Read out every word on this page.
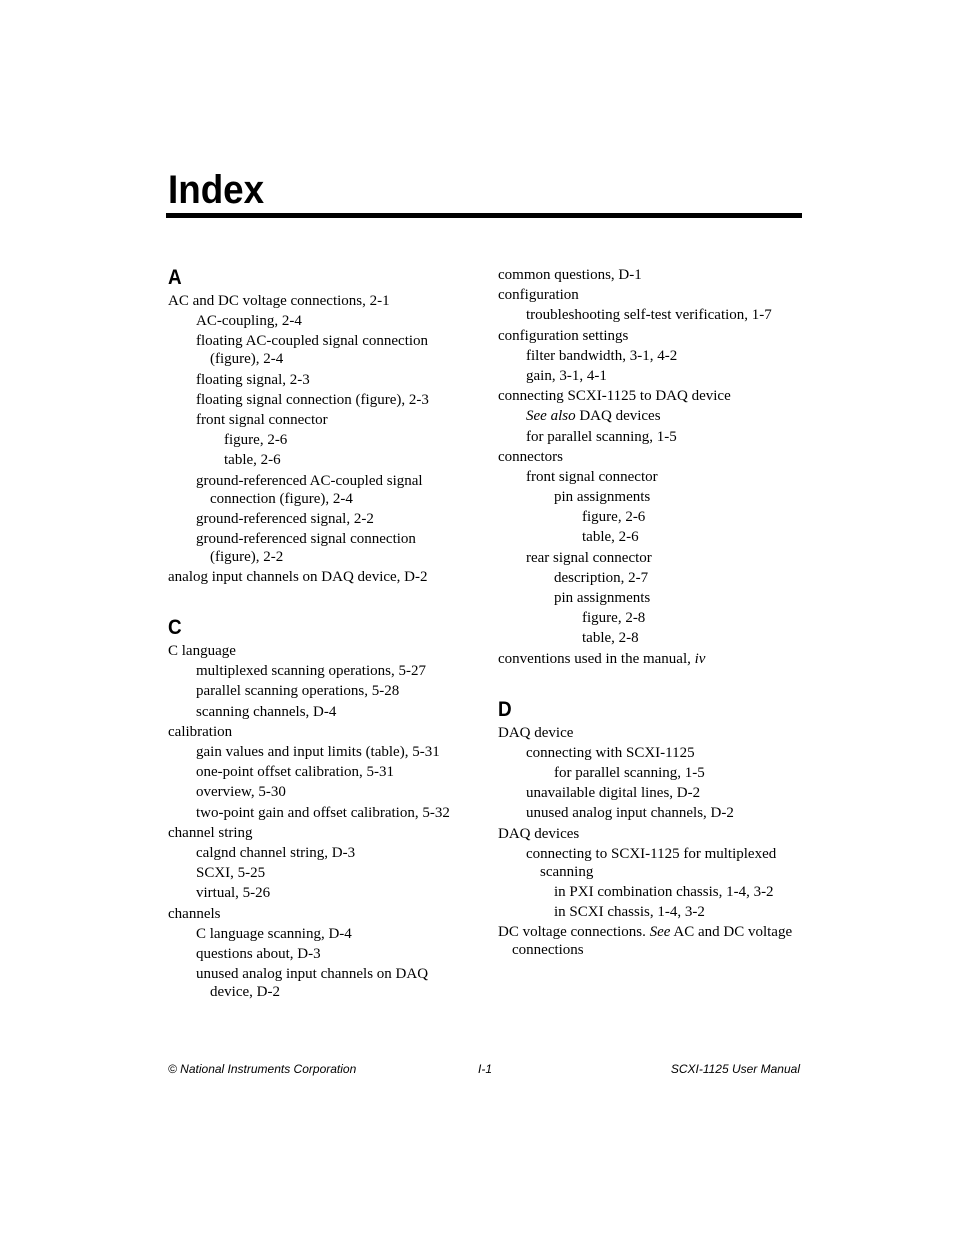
Index
A
AC and DC voltage connections, 2-1
AC-coupling, 2-4
floating AC-coupled signal connection (figure), 2-4
floating signal, 2-3
floating signal connection (figure), 2-3
front signal connector
figure, 2-6
table, 2-6
ground-referenced AC-coupled signal connection (figure), 2-4
ground-referenced signal, 2-2
ground-referenced signal connection (figure), 2-2
analog input channels on DAQ device, D-2
C
C language
multiplexed scanning operations, 5-27
parallel scanning operations, 5-28
scanning channels, D-4
calibration
gain values and input limits (table), 5-31
one-point offset calibration, 5-31
overview, 5-30
two-point gain and offset calibration, 5-32
channel string
calgnd channel string, D-3
SCXI, 5-25
virtual, 5-26
channels
C language scanning, D-4
questions about, D-3
unused analog input channels on DAQ device, D-2
common questions, D-1
configuration
troubleshooting self-test verification, 1-7
configuration settings
filter bandwidth, 3-1, 4-2
gain, 3-1, 4-1
connecting SCXI-1125 to DAQ device
See also DAQ devices
for parallel scanning, 1-5
connectors
front signal connector
pin assignments
figure, 2-6
table, 2-6
rear signal connector
description, 2-7
pin assignments
figure, 2-8
table, 2-8
conventions used in the manual, iv
D
DAQ device
connecting with SCXI-1125
for parallel scanning, 1-5
unavailable digital lines, D-2
unused analog input channels, D-2
DAQ devices
connecting to SCXI-1125 for multiplexed scanning
in PXI combination chassis, 1-4, 3-2
in SCXI chassis, 1-4, 3-2
DC voltage connections. See AC and DC voltage connections
© National Instruments Corporation	I-1	SCXI-1125 User Manual
